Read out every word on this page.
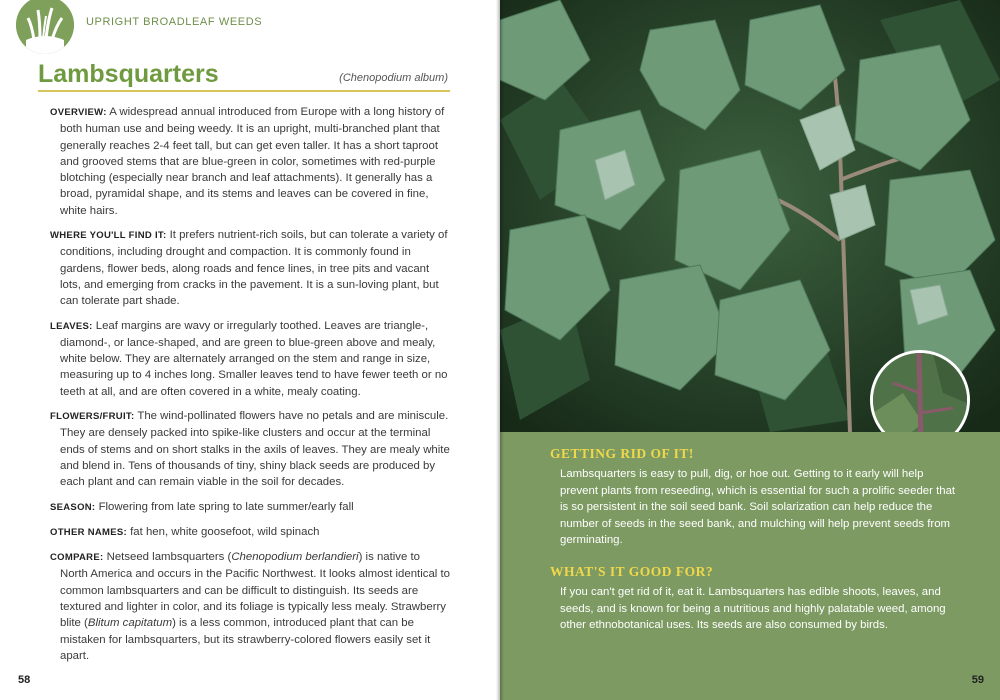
UPRIGHT BROADLEAF WEEDS
Lambsquarters	(Chenopodium album)

OVERVIEW: A widespread annual introduced from Europe with a long history of both human use and being weedy. It is an upright, multi-branched plant that generally reaches 2-4 feet tall, but can get even taller. It has a short taproot and grooved stems that are blue-green in color, sometimes with red-purple blotching (especially near branch and leaf attachments). It generally has a broad, pyramidal shape, and its stems and leaves can be covered in fine, white hairs.

WHERE YOU'LL FIND IT: It prefers nutrient-rich soils, but can tolerate a variety of conditions, including drought and compaction. It is commonly found in gardens, flower beds, along roads and fence lines, in tree pits and vacant lots, and emerging from cracks in the pavement. It is a sun-loving plant, but can tolerate part shade.

LEAVES: Leaf margins are wavy or irregularly toothed. Leaves are triangle-, diamond-, or lance-shaped, and are green to blue-green above and mealy, white below. They are alternately arranged on the stem and range in size, measuring up to 4 inches long. Smaller leaves tend to have fewer teeth or no teeth at all, and are often covered in a white, mealy coating.

FLOWERS/FRUIT: The wind-pollinated flowers have no petals and are miniscule. They are densely packed into spike-like clusters and occur at the terminal ends of stems and on short stalks in the axils of leaves. They are mealy white and blend in. Tens of thousands of tiny, shiny black seeds are produced by each plant and can remain viable in the soil for decades.

SEASON: Flowering from late spring to late summer/early fall

OTHER NAMES: fat hen, white goosefoot, wild spinach

COMPARE: Netseed lambsquarters (Chenopodium berlandieri) is native to North America and occurs in the Pacific Northwest. It looks almost identical to common lambsquarters and can be difficult to distinguish. Its seeds are textured and lighter in color, and its foliage is typically less mealy. Strawberry blite (Blitum capitatum) is a less common, introduced plant that can be mistaken for lambsquarters, but its strawberry-colored flowers easily set it apart.

58
GETTING RID OF IT!
Lambsquarters is easy to pull, dig, or hoe out. Getting to it early will help prevent plants from reseeding, which is essential for such a prolific seeder that is so persistent in the soil seed bank. Soil solarization can help reduce the number of seeds in the seed bank, and mulching will help prevent seeds from germinating.
WHAT'S IT GOOD FOR?
If you can't get rid of it, eat it. Lambsquarters has edible shoots, leaves, and seeds, and is known for being a nutritious and highly palatable weed, among other ethnobotanical uses. Its seeds are also consumed by birds.
59
